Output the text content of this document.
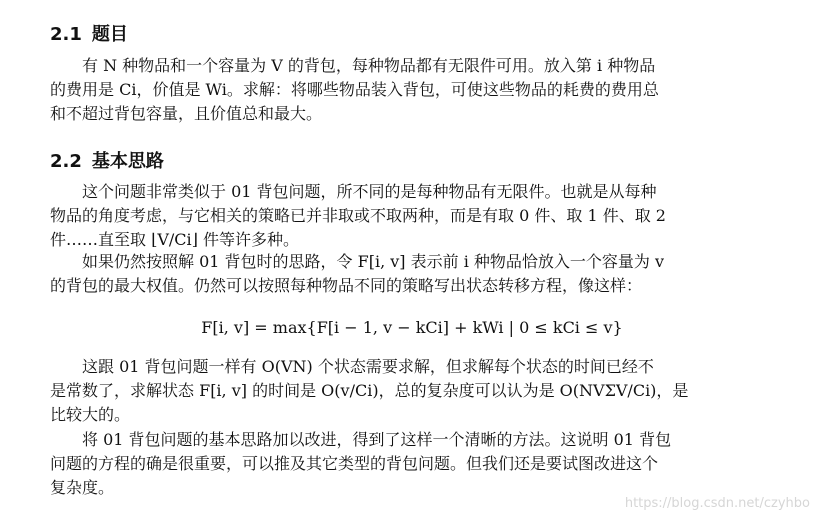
2.1 题目
有 N 种物品和一个容量为 V 的背包，每种物品都有无限件可用。放入第 i 种物品
的费用是 Ci，价值是 Wi。求解：将哪些物品装入背包，可使这些物品的耗费的费用总
和不超过背包容量，且价值总和最大。
2.2 基本思路
这个问题非常类似于 01 背包问题，所不同的是每种物品有无限件。也就是从每种
物品的角度考虑，与它相关的策略已并非取或不取两种，而是有取 0 件、取 1 件、取 2
件……直至取 ⌊V/Ci⌋ 件等许多种。
如果仍然按照解 01 背包时的思路，令 F[i, v] 表示前 i 种物品恰放入一个容量为 v
的背包的最大权值。仍然可以按照每种物品不同的策略写出状态转移方程，像这样：
F[i, v] = max{F[i − 1, v − kCi] + kWi | 0 ≤ kCi ≤ v}
这跟 01 背包问题一样有 O(VN) 个状态需要求解，但求解每个状态的时间已经不
是常数了，求解状态 F[i, v] 的时间是 O(v/Ci)，总的复杂度可以认为是 O(NVΣV/Ci)，是
比较大的。
将 01 背包问题的基本思路加以改进，得到了这样一个清晰的方法。这说明 01 背包
问题的方程的确是很重要，可以推及其它类型的背包问题。但我们还是要试图改进这个
复杂度。
https://blog.csdn.net/czyhbo
